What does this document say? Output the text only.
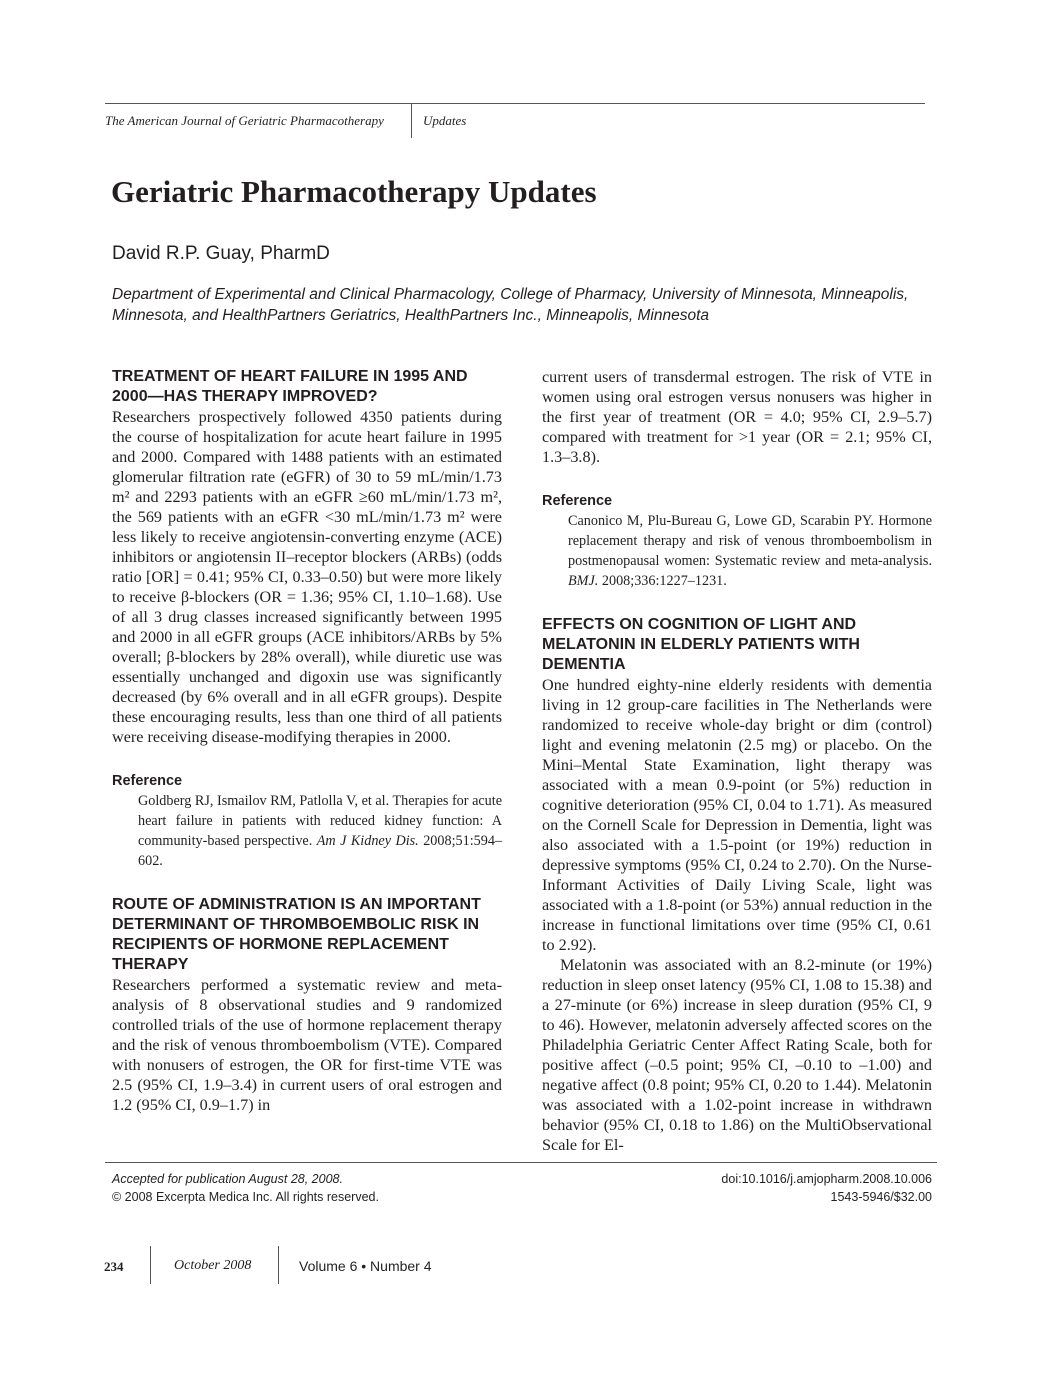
The American Journal of Geriatric Pharmacotherapy	Updates
Geriatric Pharmacotherapy Updates
David R.P. Guay, PharmD
Department of Experimental and Clinical Pharmacology, College of Pharmacy, University of Minnesota, Minneapolis, Minnesota, and HealthPartners Geriatrics, HealthPartners Inc., Minneapolis, Minnesota
TREATMENT OF HEART FAILURE IN 1995 AND 2000—HAS THERAPY IMPROVED?

Researchers prospectively followed 4350 patients during the course of hospitalization for acute heart failure in 1995 and 2000. Compared with 1488 patients with an estimated glomerular filtration rate (eGFR) of 30 to 59 mL/min/1.73 m² and 2293 patients with an eGFR ≥60 mL/min/1.73 m², the 569 patients with an eGFR <30 mL/min/1.73 m² were less likely to receive angiotensin-converting enzyme (ACE) inhibitors or angiotensin II–receptor blockers (ARBs) (odds ratio [OR] = 0.41; 95% CI, 0.33–0.50) but were more likely to receive β-blockers (OR = 1.36; 95% CI, 1.10–1.68). Use of all 3 drug classes increased significantly between 1995 and 2000 in all eGFR groups (ACE inhibitors/ARBs by 5% overall; β-blockers by 28% overall), while diuretic use was essentially unchanged and digoxin use was significantly decreased (by 6% overall and in all eGFR groups). Despite these encouraging results, less than one third of all patients were receiving disease-modifying therapies in 2000.

Reference

Goldberg RJ, Ismailov RM, Patlolla V, et al. Therapies for acute heart failure in patients with reduced kidney function: A community-based perspective. Am J Kidney Dis. 2008;51:594–602.

ROUTE OF ADMINISTRATION IS AN IMPORTANT DETERMINANT OF THROMBOEMBOLIC RISK IN RECIPIENTS OF HORMONE REPLACEMENT THERAPY

Researchers performed a systematic review and meta-analysis of 8 observational studies and 9 randomized controlled trials of the use of hormone replacement therapy and the risk of venous thromboembolism (VTE). Compared with nonusers of estrogen, the OR for first-time VTE was 2.5 (95% CI, 1.9–3.4) in current users of oral estrogen and 1.2 (95% CI, 0.9–1.7) in

current users of transdermal estrogen. The risk of VTE in women using oral estrogen versus nonusers was higher in the first year of treatment (OR = 4.0; 95% CI, 2.9–5.7) compared with treatment for >1 year (OR = 2.1; 95% CI, 1.3–3.8).

Reference

Canonico M, Plu-Bureau G, Lowe GD, Scarabin PY. Hormone replacement therapy and risk of venous thromboembolism in postmenopausal women: Systematic review and meta-analysis. BMJ. 2008;336:1227–1231.

EFFECTS ON COGNITION OF LIGHT AND MELATONIN IN ELDERLY PATIENTS WITH DEMENTIA

One hundred eighty-nine elderly residents with dementia living in 12 group-care facilities in The Netherlands were randomized to receive whole-day bright or dim (control) light and evening melatonin (2.5 mg) or placebo. On the Mini–Mental State Examination, light therapy was associated with a mean 0.9-point (or 5%) reduction in cognitive deterioration (95% CI, 0.04 to 1.71). As measured on the Cornell Scale for Depression in Dementia, light was also associated with a 1.5-point (or 19%) reduction in depressive symptoms (95% CI, 0.24 to 2.70). On the Nurse-Informant Activities of Daily Living Scale, light was associated with a 1.8-point (or 53%) annual reduction in the increase in functional limitations over time (95% CI, 0.61 to 2.92).

Melatonin was associated with an 8.2-minute (or 19%) reduction in sleep onset latency (95% CI, 1.08 to 15.38) and a 27-minute (or 6%) increase in sleep duration (95% CI, 9 to 46). However, melatonin adversely affected scores on the Philadelphia Geriatric Center Affect Rating Scale, both for positive affect (–0.5 point; 95% CI, –0.10 to –1.00) and negative affect (0.8 point; 95% CI, 0.20 to 1.44). Melatonin was associated with a 1.02-point increase in withdrawn behavior (95% CI, 0.18 to 1.86) on the MultiObservational Scale for El-

Accepted for publication August 28, 2008.
© 2008 Excerpta Medica Inc. All rights reserved.
doi:10.1016/j.amjopharm.2008.10.006
1543-5946/$32.00
234	October 2008	Volume 6 • Number 4
